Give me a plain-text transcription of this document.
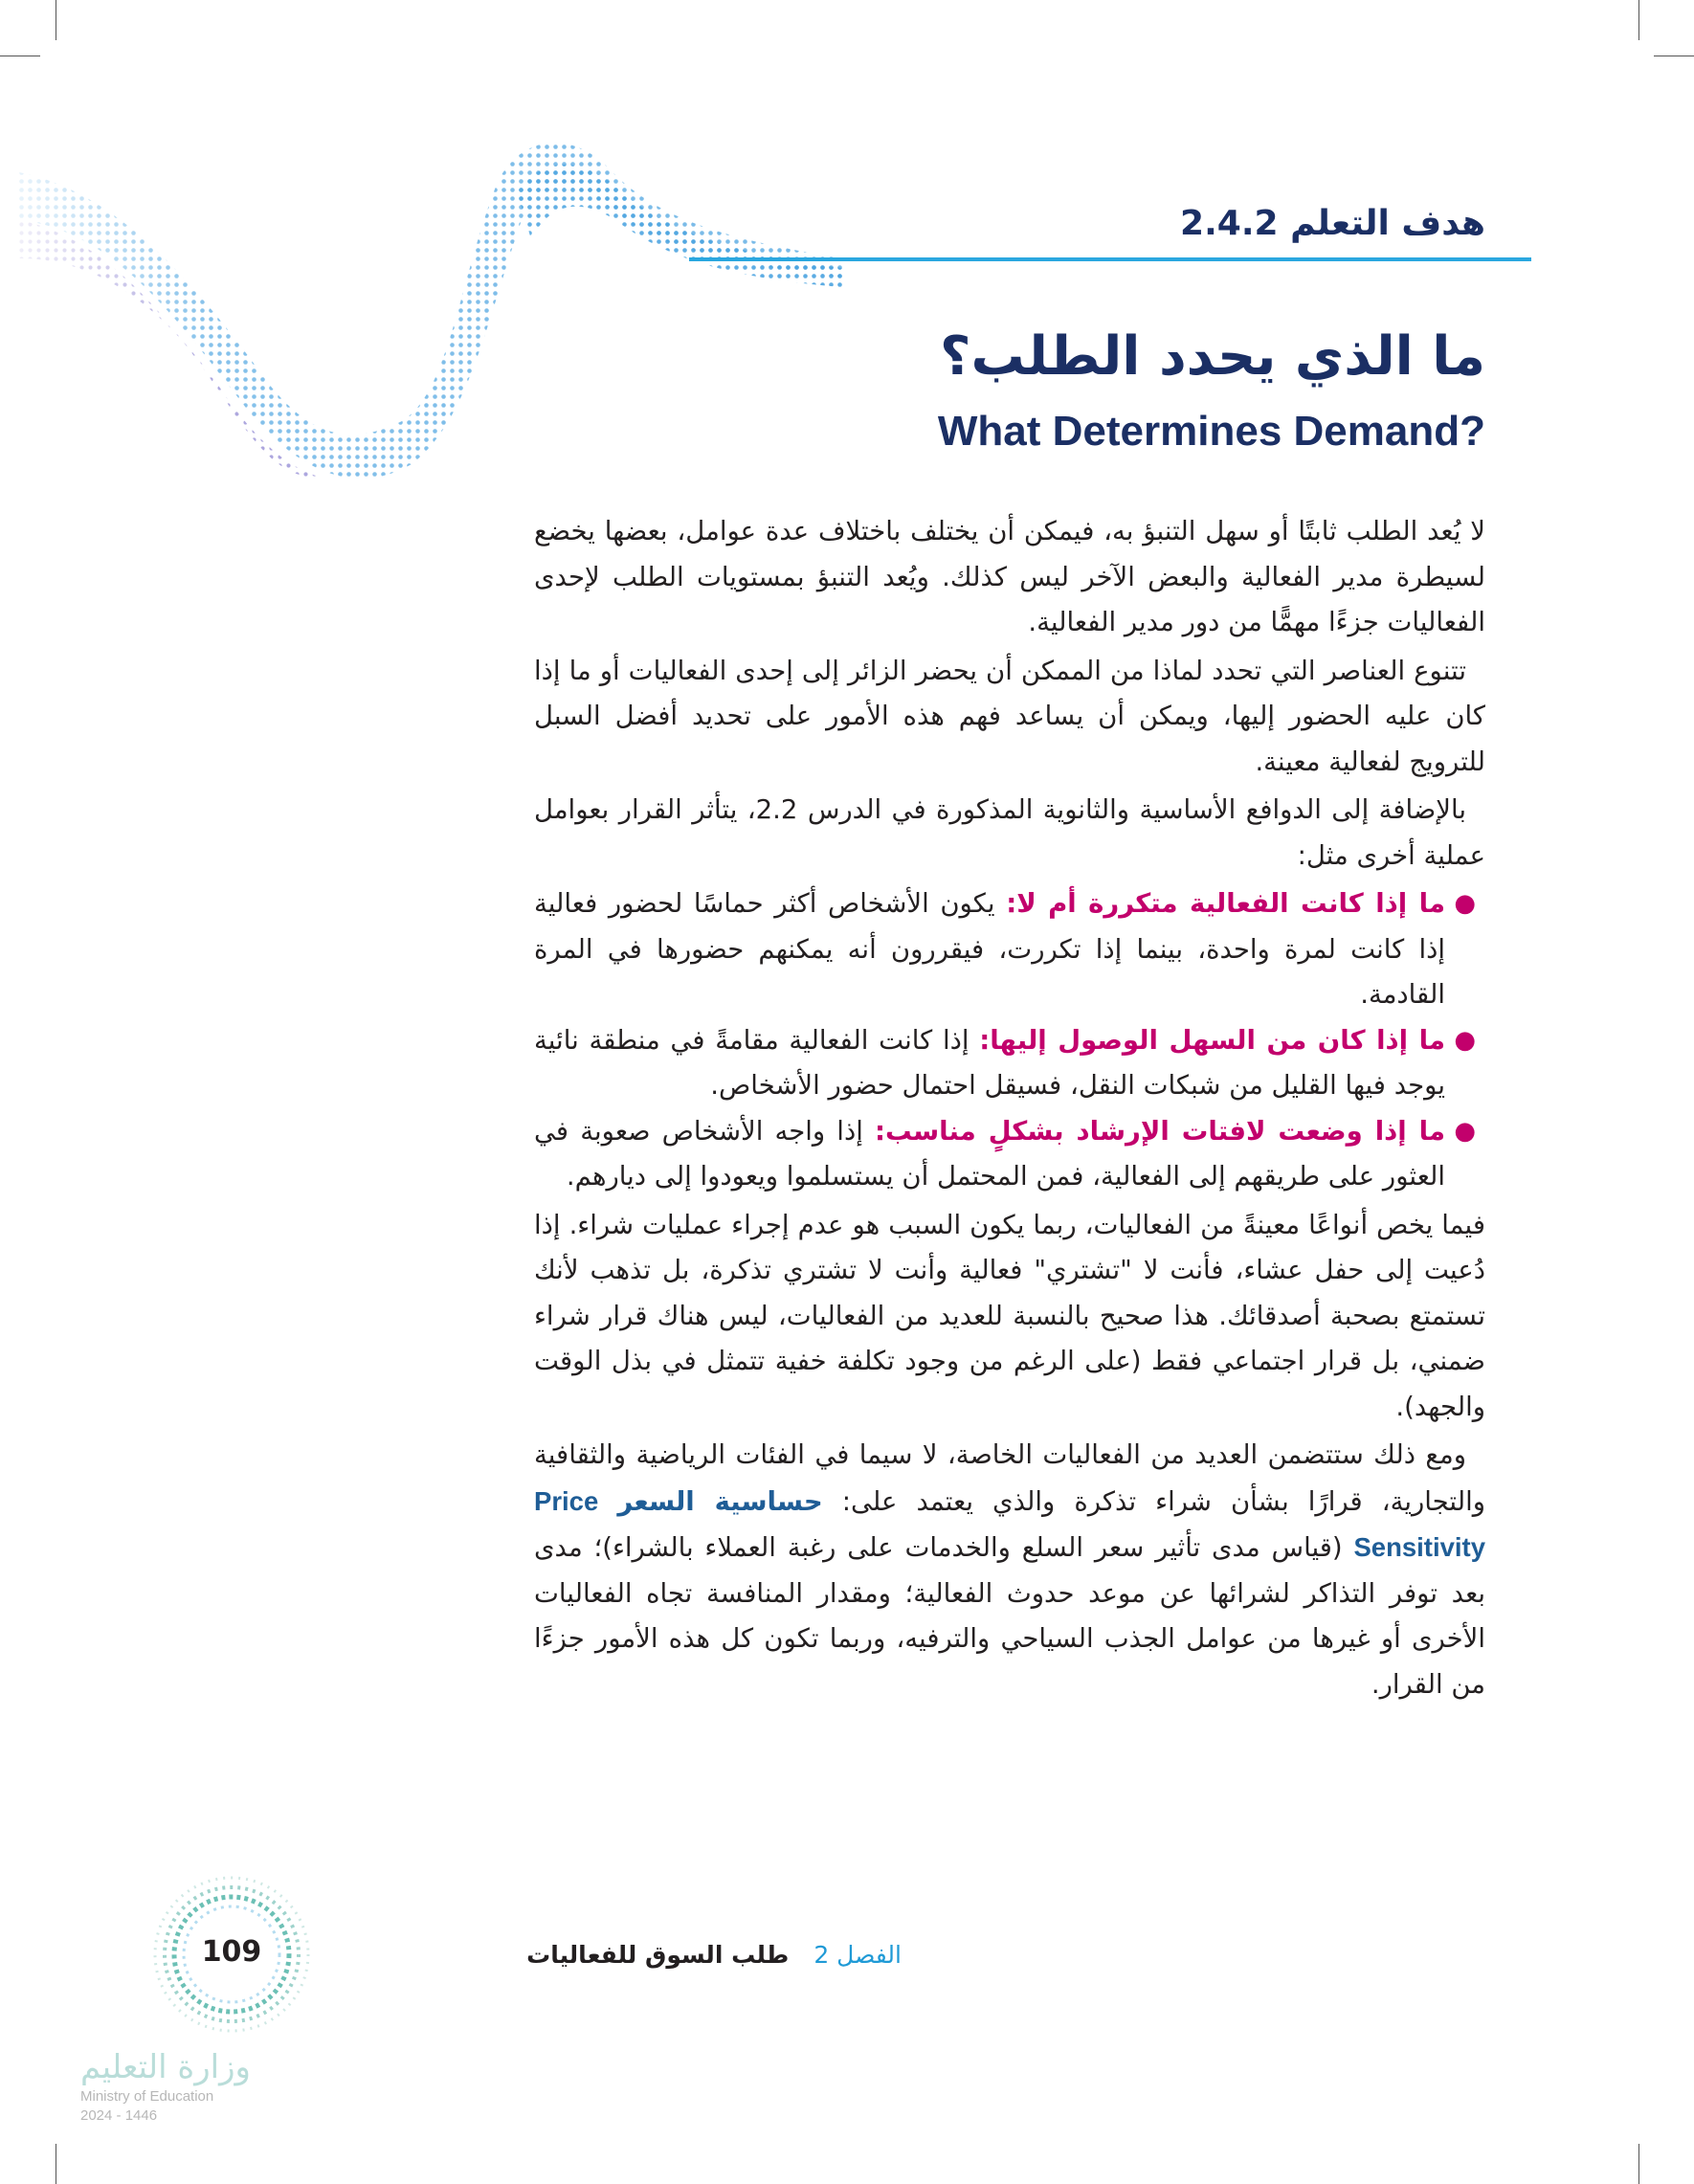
هدف التعلم 2.4.2
ما الذي يحدد الطلب؟
What Determines Demand?

لا يُعد الطلب ثابتًا أو سهل التنبؤ به، فيمكن أن يختلف باختلاف عدة عوامل، بعضها يخضع لسيطرة مدير الفعالية والبعض الآخر ليس كذلك. ويُعد التنبؤ بمستويات الطلب لإحدى الفعاليات جزءًا مهمًّا من دور مدير الفعالية.

تتنوع العناصر التي تحدد لماذا من الممكن أن يحضر الزائر إلى إحدى الفعاليات أو ما إذا كان عليه الحضور إليها، ويمكن أن يساعد فهم هذه الأمور على تحديد أفضل السبل للترويج لفعالية معينة.

بالإضافة إلى الدوافع الأساسية والثانوية المذكورة في الدرس 2.2، يتأثر القرار بعوامل عملية أخرى مثل:

●
ما إذا كانت الفعالية متكررة أم لا: يكون الأشخاص أكثر حماسًا لحضور فعالية إذا كانت لمرة واحدة، بينما إذا تكررت، فيقررون أنه يمكنهم حضورها في المرة القادمة.
●
ما إذا كان من السهل الوصول إليها: إذا كانت الفعالية مقامةً في منطقة نائية يوجد فيها القليل من شبكات النقل، فسيقل احتمال حضور الأشخاص.
●
ما إذا وضعت لافتات الإرشاد بشكلٍ مناسب: إذا واجه الأشخاص صعوبة في العثور على طريقهم إلى الفعالية، فمن المحتمل أن يستسلموا ويعودوا إلى ديارهم.

فيما يخص أنواعًا معينةً من الفعاليات، ربما يكون السبب هو عدم إجراء عمليات شراء. إذا دُعيت إلى حفل عشاء، فأنت لا "تشتري" فعالية وأنت لا تشتري تذكرة، بل تذهب لأنك تستمتع بصحبة أصدقائك. هذا صحيح بالنسبة للعديد من الفعاليات، ليس هناك قرار شراء ضمني، بل قرار اجتماعي فقط (على الرغم من وجود تكلفة خفية تتمثل في بذل الوقت والجهد).

ومع ذلك ستتضمن العديد من الفعاليات الخاصة، لا سيما في الفئات الرياضية والثقافية والتجارية، قرارًا بشأن شراء تذكرة والذي يعتمد على: حساسية السعر Price Sensitivity (قياس مدى تأثير سعر السلع والخدمات على رغبة العملاء بالشراء)؛ مدى بعد توفر التذاكر لشرائها عن موعد حدوث الفعالية؛ ومقدار المنافسة تجاه الفعاليات الأخرى أو غيرها من عوامل الجذب السياحي والترفيه، وربما تكون كل هذه الأمور جزءًا من القرار.

الفصل 2طلب السوق للفعاليات
109
وزارة التعليم
Ministry of Education
2024 - 1446
